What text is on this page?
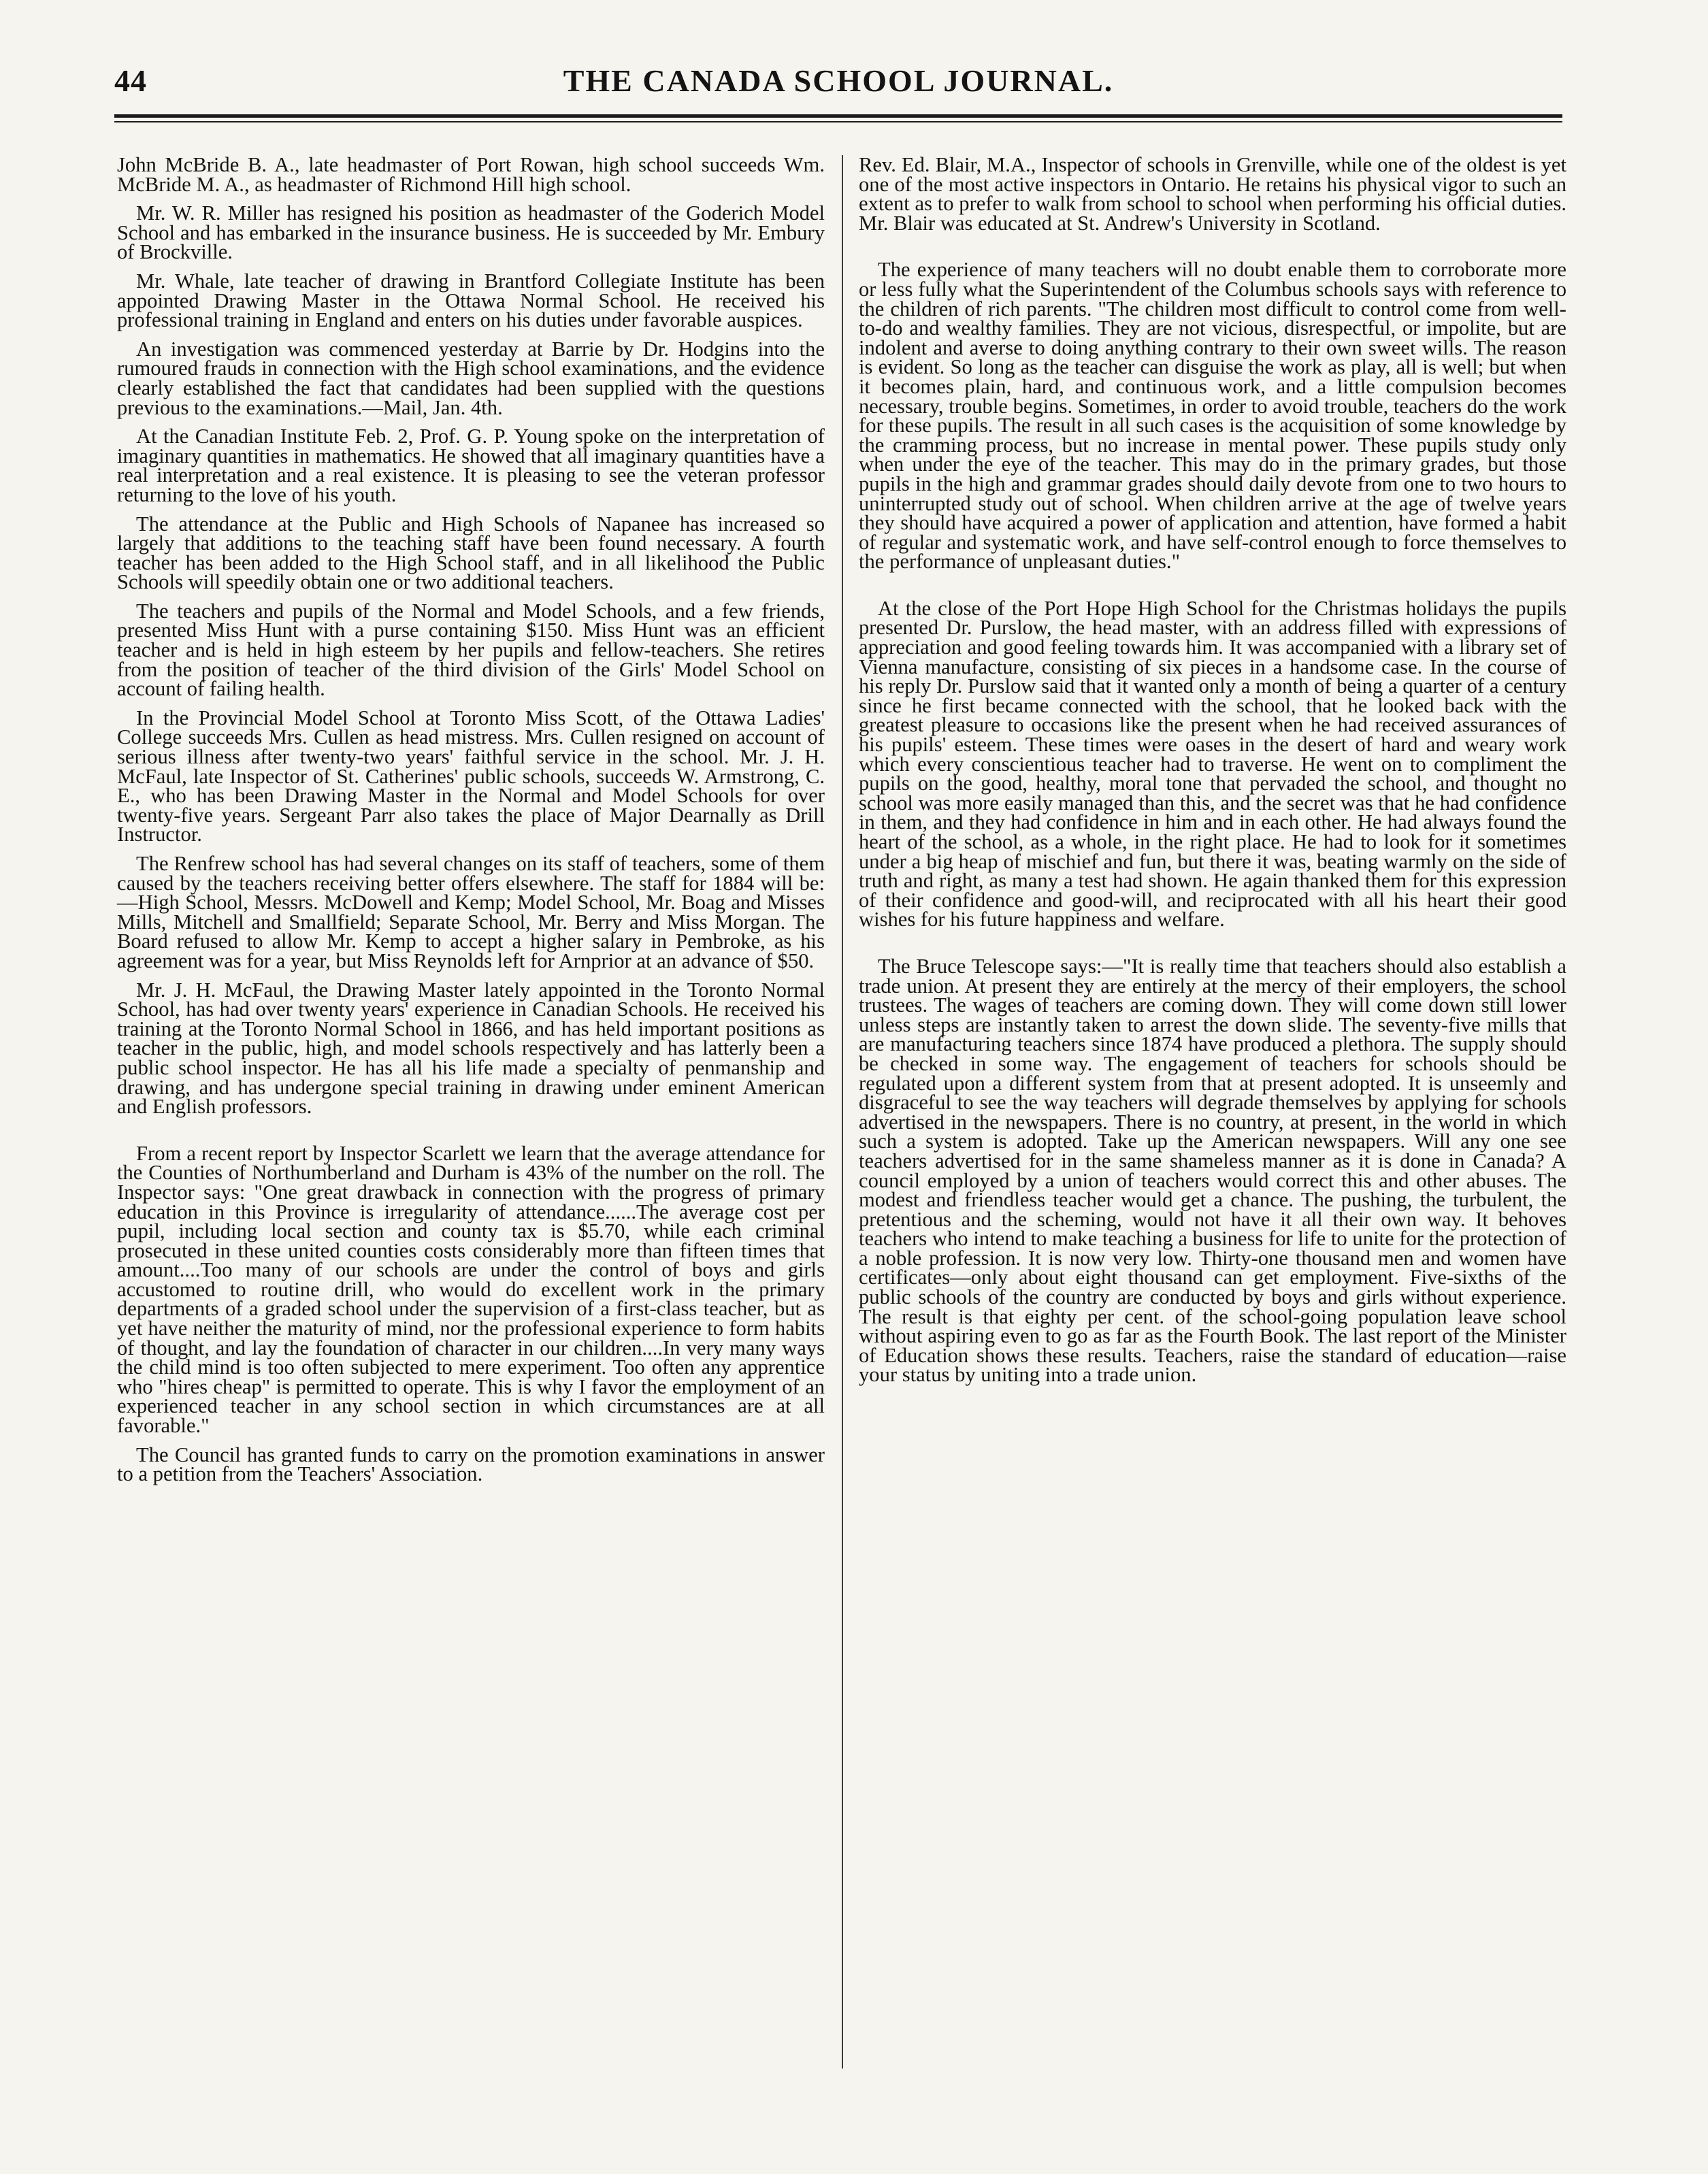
44	THE CANADA SCHOOL JOURNAL.

John McBride B. A., late headmaster of Port Rowan, high school succeeds Wm. McBride M. A., as headmaster of Richmond Hill high school.

Mr. W. R. Miller has resigned his position as headmaster of the Goderich Model School and has embarked in the insurance business. He is succeeded by Mr. Embury of Brockville.

Mr. Whale, late teacher of drawing in Brantford Collegiate Institute has been appointed Drawing Master in the Ottawa Normal School. He received his professional training in England and enters on his duties under favorable auspices.

An investigation was commenced yesterday at Barrie by Dr. Hodgins into the rumoured frauds in connection with the High school examinations, and the evidence clearly established the fact that candidates had been supplied with the questions previous to the examinations.—Mail, Jan. 4th.

At the Canadian Institute Feb. 2, Prof. G. P. Young spoke on the interpretation of imaginary quantities in mathematics. He showed that all imaginary quantities have a real interpretation and a real existence. It is pleasing to see the veteran professor returning to the love of his youth.

The attendance at the Public and High Schools of Napanee has increased so largely that additions to the teaching staff have been found necessary. A fourth teacher has been added to the High School staff, and in all likelihood the Public Schools will speedily obtain one or two additional teachers.

The teachers and pupils of the Normal and Model Schools, and a few friends, presented Miss Hunt with a purse containing $150. Miss Hunt was an efficient teacher and is held in high esteem by her pupils and fellow-teachers. She retires from the position of teacher of the third division of the Girls' Model School on account of failing health.

In the Provincial Model School at Toronto Miss Scott, of the Ottawa Ladies' College succeeds Mrs. Cullen as head mistress. Mrs. Cullen resigned on account of serious illness after twenty-two years' faithful service in the school. Mr. J. H. McFaul, late Inspector of St. Catherines' public schools, succeeds W. Armstrong, C. E., who has been Drawing Master in the Normal and Model Schools for over twenty-five years. Sergeant Parr also takes the place of Major Dearnally as Drill Instructor.

The Renfrew school has had several changes on its staff of teachers, some of them caused by the teachers receiving better offers elsewhere. The staff for 1884 will be:—High School, Messrs. McDowell and Kemp; Model School, Mr. Boag and Misses Mills, Mitchell and Smallfield; Separate School, Mr. Berry and Miss Morgan. The Board refused to allow Mr. Kemp to accept a higher salary in Pembroke, as his agreement was for a year, but Miss Reynolds left for Arnprior at an advance of $50.

Mr. J. H. McFaul, the Drawing Master lately appointed in the Toronto Normal School, has had over twenty years' experience in Canadian Schools. He received his training at the Toronto Normal School in 1866, and has held important positions as teacher in the public, high, and model schools respectively and has latterly been a public school inspector. He has all his life made a specialty of penmanship and drawing, and has undergone special training in drawing under eminent American and English professors.

From a recent report by Inspector Scarlett we learn that the average attendance for the Counties of Northumberland and Durham is 43% of the number on the roll. The Inspector says: "One great drawback in connection with the progress of primary education in this Province is irregularity of attendance......The average cost per pupil, including local section and county tax is $5.70, while each criminal prosecuted in these united counties costs considerably more than fifteen times that amount....Too many of our schools are under the control of boys and girls accustomed to routine drill, who would do excellent work in the primary departments of a graded school under the supervision of a first-class teacher, but as yet have neither the maturity of mind, nor the professional experience to form habits of thought, and lay the foundation of character in our children....In very many ways the child mind is too often subjected to mere experiment. Too often any apprentice who "hires cheap" is permitted to operate. This is why I favor the employment of an experienced teacher in any school section in which circumstances are at all favorable."

The Council has granted funds to carry on the promotion examinations in answer to a petition from the Teachers' Association.

Rev. Ed. Blair, M.A., Inspector of schools in Grenville, while one of the oldest is yet one of the most active inspectors in Ontario. He retains his physical vigor to such an extent as to prefer to walk from school to school when performing his official duties. Mr. Blair was educated at St. Andrew's University in Scotland.

The experience of many teachers will no doubt enable them to corroborate more or less fully what the Superintendent of the Columbus schools says with reference to the children of rich parents. "The children most difficult to control come from well-to-do and wealthy families. They are not vicious, disrespectful, or impolite, but are indolent and averse to doing anything contrary to their own sweet wills. The reason is evident. So long as the teacher can disguise the work as play, all is well; but when it becomes plain, hard, and continuous work, and a little compulsion becomes necessary, trouble begins. Sometimes, in order to avoid trouble, teachers do the work for these pupils. The result in all such cases is the acquisition of some knowledge by the cramming process, but no increase in mental power. These pupils study only when under the eye of the teacher. This may do in the primary grades, but those pupils in the high and grammar grades should daily devote from one to two hours to uninterrupted study out of school. When children arrive at the age of twelve years they should have acquired a power of application and attention, have formed a habit of regular and systematic work, and have self-control enough to force themselves to the performance of unpleasant duties."

At the close of the Port Hope High School for the Christmas holidays the pupils presented Dr. Purslow, the head master, with an address filled with expressions of appreciation and good feeling towards him. It was accompanied with a library set of Vienna manufacture, consisting of six pieces in a handsome case. In the course of his reply Dr. Purslow said that it wanted only a month of being a quarter of a century since he first became connected with the school, that he looked back with the greatest pleasure to occasions like the present when he had received assurances of his pupils' esteem. These times were oases in the desert of hard and weary work which every conscientious teacher had to traverse. He went on to compliment the pupils on the good, healthy, moral tone that pervaded the school, and thought no school was more easily managed than this, and the secret was that he had confidence in them, and they had confidence in him and in each other. He had always found the heart of the school, as a whole, in the right place. He had to look for it sometimes under a big heap of mischief and fun, but there it was, beating warmly on the side of truth and right, as many a test had shown. He again thanked them for this expression of their confidence and good-will, and reciprocated with all his heart their good wishes for his future happiness and welfare.

The Bruce Telescope says:—"It is really time that teachers should also establish a trade union. At present they are entirely at the mercy of their employers, the school trustees. The wages of teachers are coming down. They will come down still lower unless steps are instantly taken to arrest the down slide. The seventy-five mills that are manufacturing teachers since 1874 have produced a plethora. The supply should be checked in some way. The engagement of teachers for schools should be regulated upon a different system from that at present adopted. It is unseemly and disgraceful to see the way teachers will degrade themselves by applying for schools advertised in the newspapers. There is no country, at present, in the world in which such a system is adopted. Take up the American newspapers. Will any one see teachers advertised for in the same shameless manner as it is done in Canada? A council employed by a union of teachers would correct this and other abuses. The modest and friendless teacher would get a chance. The pushing, the turbulent, the pretentious and the scheming, would not have it all their own way. It behoves teachers who intend to make teaching a business for life to unite for the protection of a noble profession. It is now very low. Thirty-one thousand men and women have certificates—only about eight thousand can get employment. Five-sixths of the public schools of the country are conducted by boys and girls without experience. The result is that eighty per cent. of the school-going population leave school without aspiring even to go as far as the Fourth Book. The last report of the Minister of Education shows these results. Teachers, raise the standard of education—raise your status by uniting into a trade union.
